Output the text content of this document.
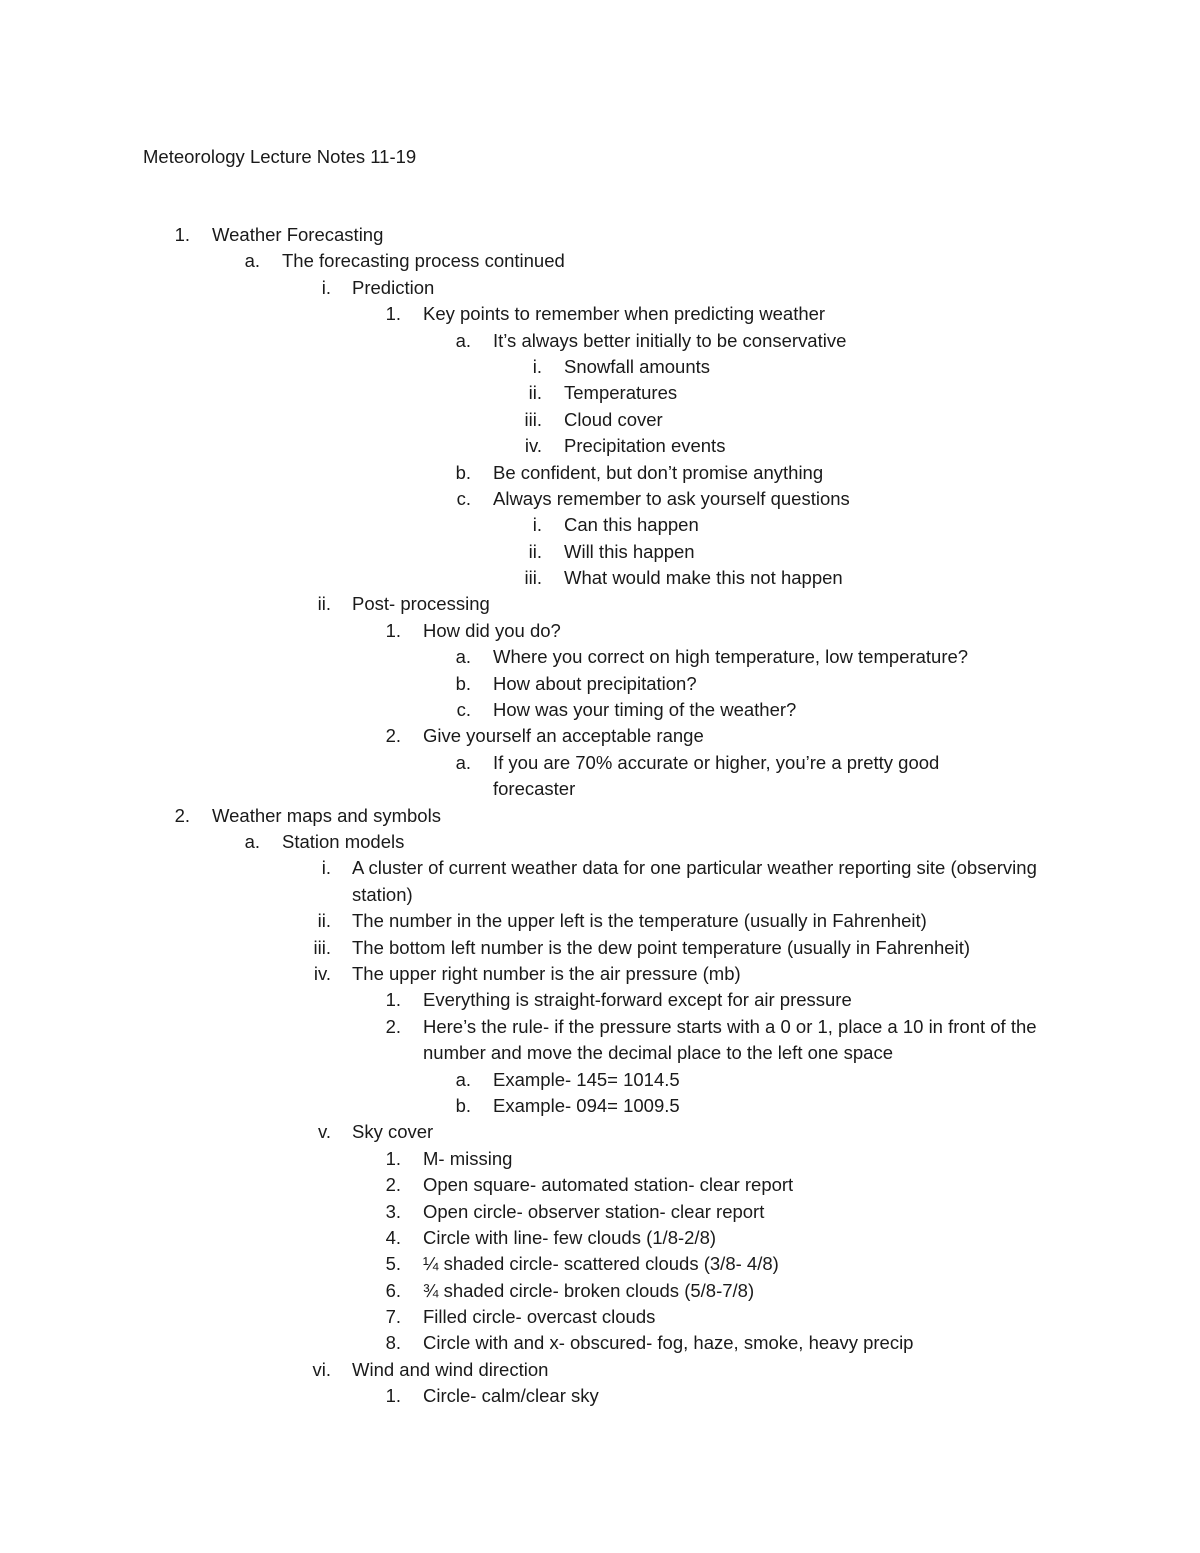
Meteorology Lecture Notes 11-19
1. Weather Forecasting
a. The forecasting process continued
i. Prediction
1. Key points to remember when predicting weather
a. It’s always better initially to be conservative
i. Snowfall amounts
ii. Temperatures
iii. Cloud cover
iv. Precipitation events
b. Be confident, but don’t promise anything
c. Always remember to ask yourself questions
i. Can this happen
ii. Will this happen
iii. What would make this not happen
ii. Post- processing
1. How did you do?
a. Where you correct on high temperature, low temperature?
b. How about precipitation?
c. How was your timing of the weather?
2. Give yourself an acceptable range
a. If you are 70% accurate or higher, you’re a pretty good forecaster
2. Weather maps and symbols
a. Station models
i. A cluster of current weather data for one particular weather reporting site (observing station)
ii. The number in the upper left is the temperature (usually in Fahrenheit)
iii. The bottom left number is the dew point temperature (usually in Fahrenheit)
iv. The upper right number is the air pressure (mb)
1. Everything is straight-forward except for air pressure
2. Here’s the rule- if the pressure starts with a 0 or 1, place a 10 in front of the number and move the decimal place to the left one space
a. Example- 145= 1014.5
b. Example- 094= 1009.5
v. Sky cover
1. M- missing
2. Open square- automated station- clear report
3. Open circle- observer station- clear report
4. Circle with line- few clouds (1/8-2/8)
5. ¼ shaded circle- scattered clouds (3/8- 4/8)
6. ¾ shaded circle- broken clouds (5/8-7/8)
7. Filled circle- overcast clouds
8. Circle with and x- obscured- fog, haze, smoke, heavy precip
vi. Wind and wind direction
1. Circle- calm/clear sky
